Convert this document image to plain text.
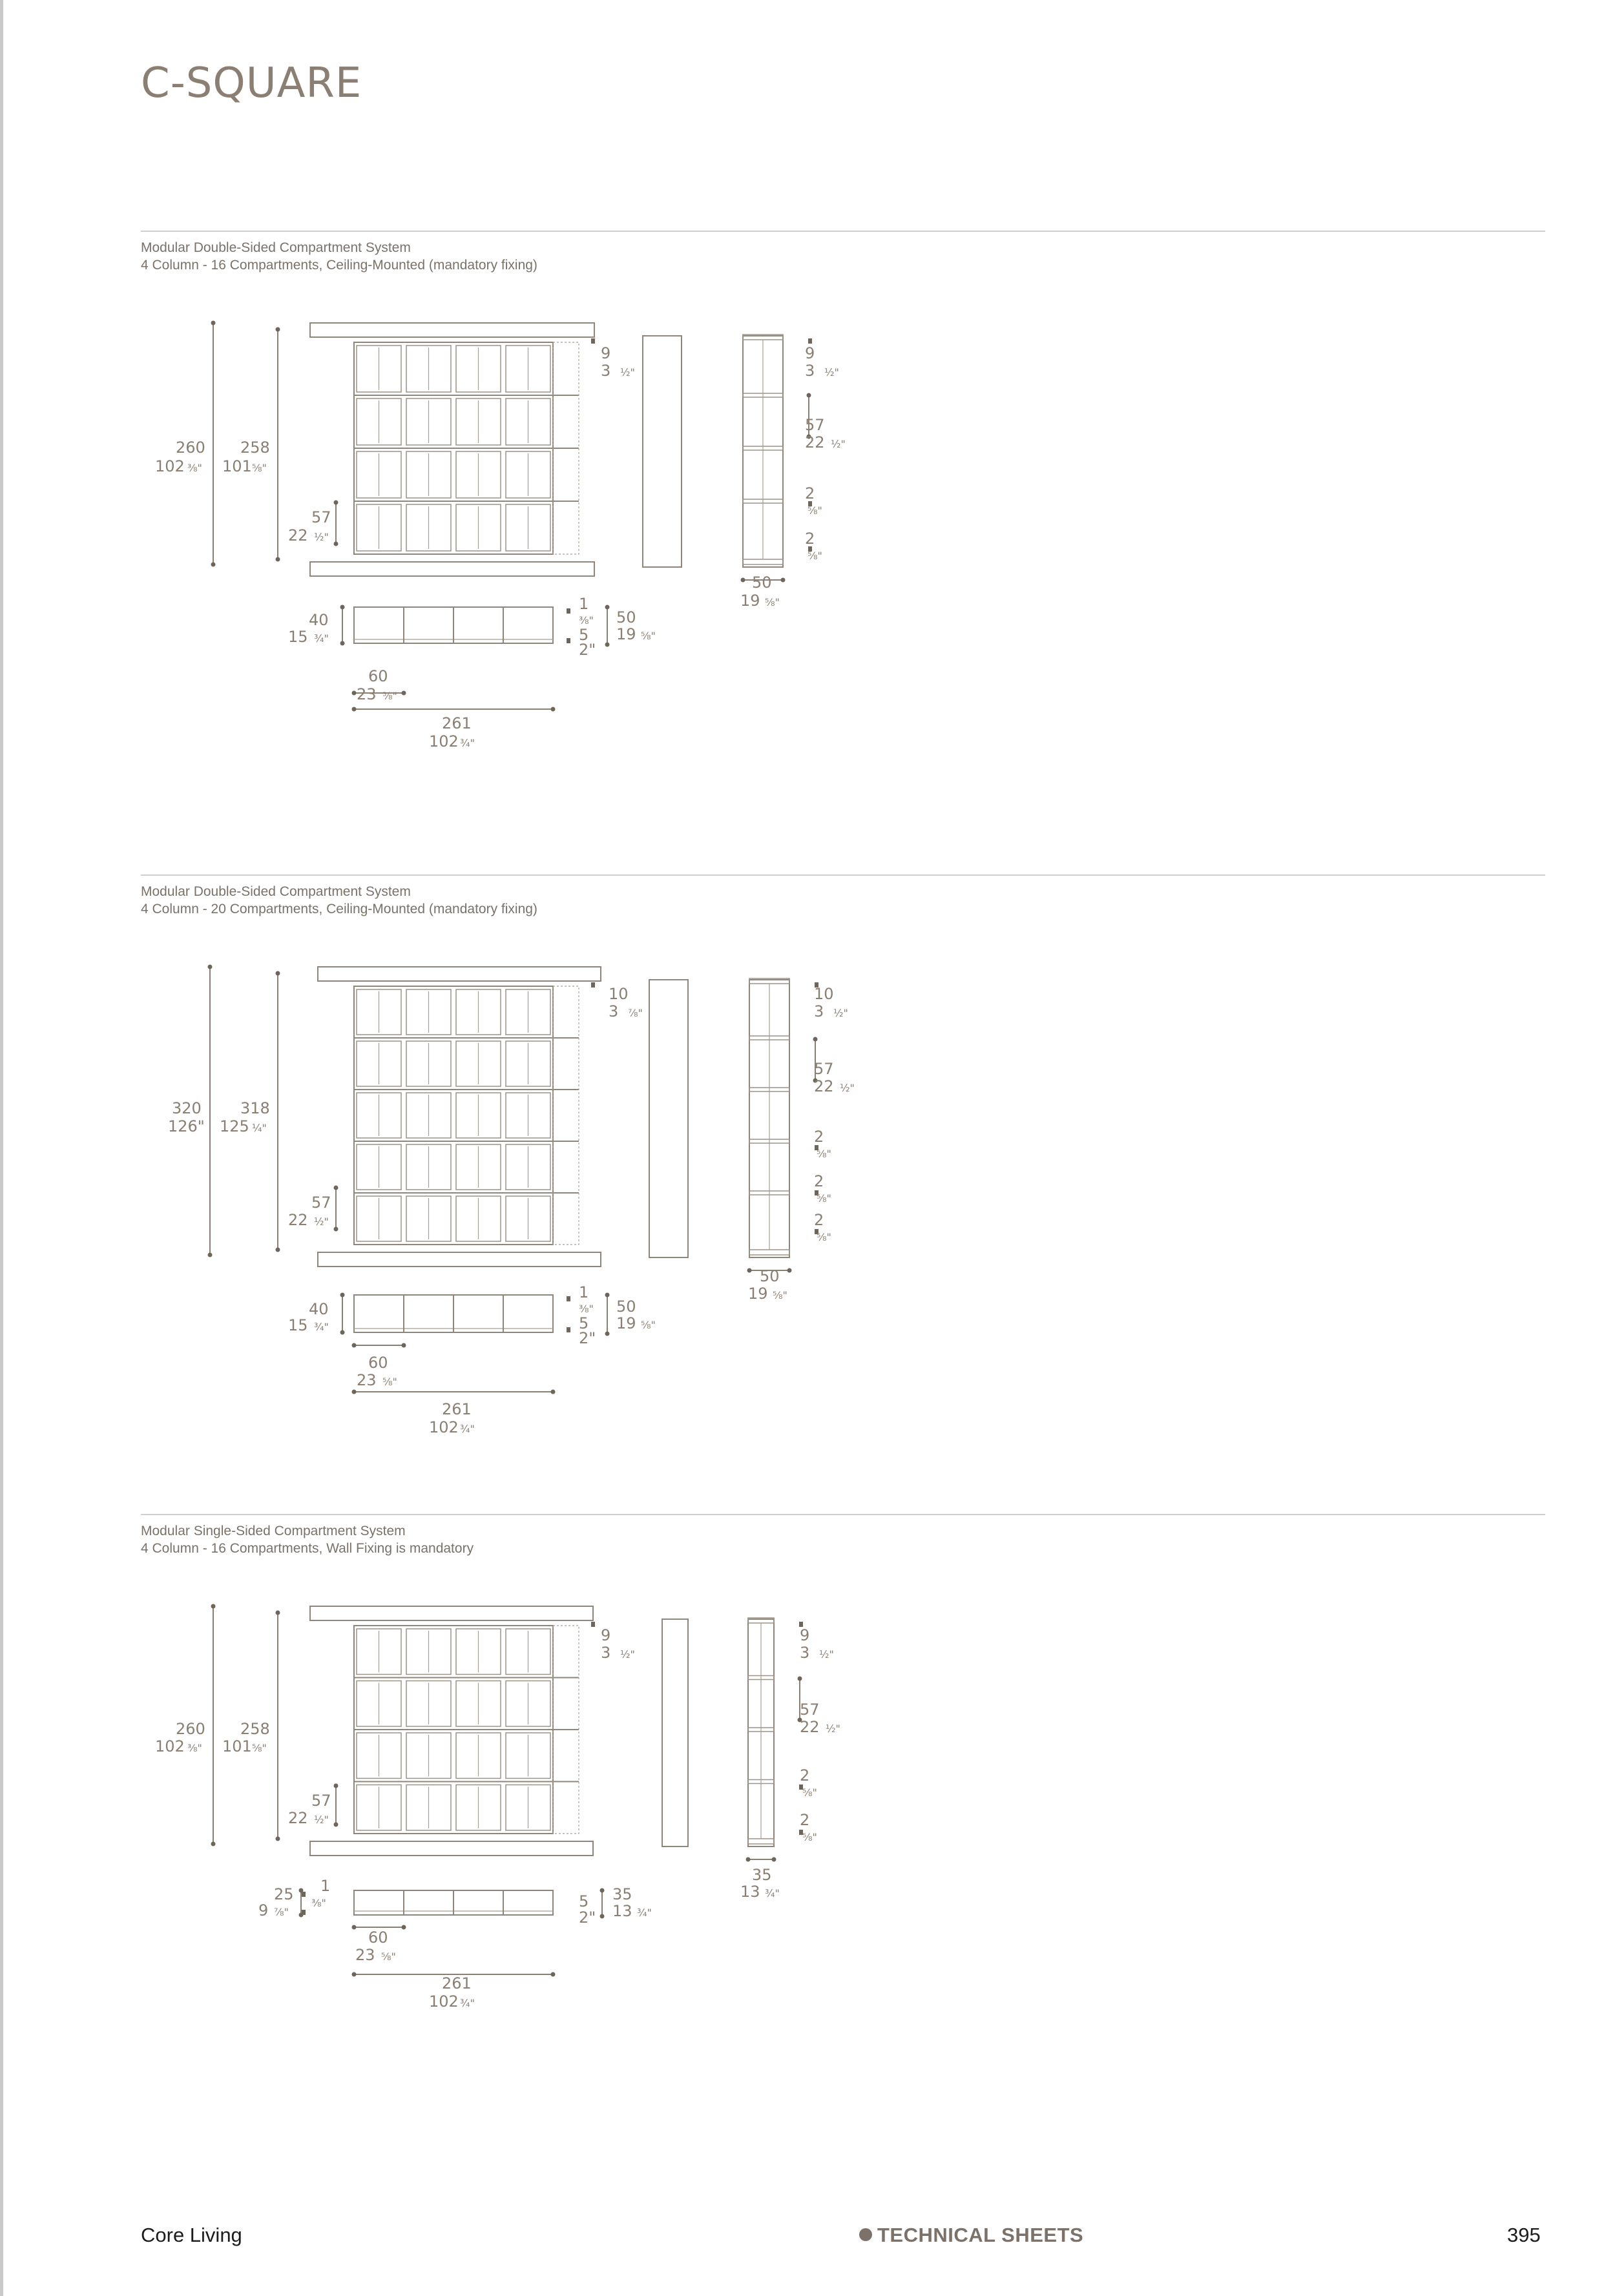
C-SQUARE
Modular Double-Sided Compartment System
4 Column - 16 Compartments, Ceiling-Mounted (mandatory fixing)
260
102 ⅜"
258
101 ⅝"
57
22 ½"
9
3 ½"
9
3 ½"
57
22 ½"
2
⅝"
2
⅝"
50
19 ⅝"
40
15 ¾"
1
⅜"
5
2"
50
19 ⅝"
60
23 ⅝"
261
102 ¾"
Modular Double-Sided Compartment System
4 Column - 20 Compartments, Ceiling-Mounted (mandatory fixing)
320
126"
318
125 ¼"
57
22 ½"
10
3 ⅞"
10
3 ½"
57
22 ½"
2
⅝"
2
⅝"
2
⅝"
50
19 ⅝"
40
15 ¾"
1
⅜"
5
2"
50
19 ⅝"
60
23 ⅝"
261
102 ¾"
Modular Single-Sided Compartment System
4 Column - 16 Compartments, Wall Fixing is mandatory
260
102 ⅜"
258
101 ⅝"
57
22 ½"
9
3 ½"
9
3 ½"
57
22 ½"
2
⅝"
2
⅝"
35
13 ¾"
25
9 ⅞"
1
⅜"	5
2"
35
13 ¾"
60
23 ⅝"
261
102 ¾"
Core Living	TECHNICAL SHEETS	395
